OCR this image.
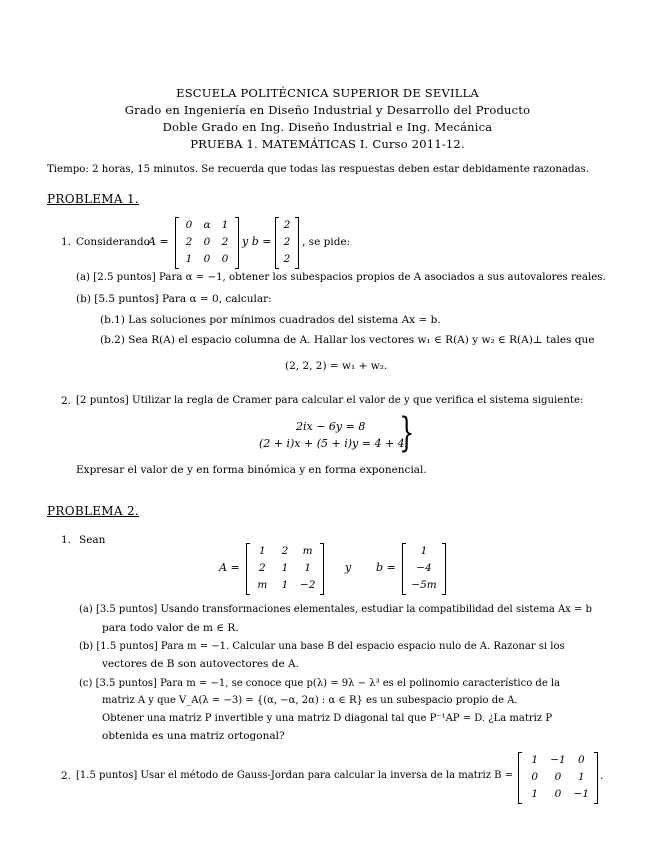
ESCUELA POLITÉCNICA SUPERIOR DE SEVILLA
Grado en Ingeniería en Diseño Industrial y Desarrollo del Producto
Doble Grado en Ing. Diseño Industrial e Ing. Mecánica
PRUEBA 1. MATEMÁTICAS I. Curso 2011-12.
Tiempo: 2 horas, 15 minutos. Se recuerda que todas las respuestas deben estar debidamente razonadas.
PROBLEMA 1.
1. Considerando
A =
0	α	1
2	0	2
1	0	0
y b =
2
2
2
, se pide:
(a) [2.5 puntos] Para α = −1, obtener los subespacios propios de A asociados a sus autovalores reales.
(b) [5.5 puntos] Para α = 0, calcular:
(b.1) Las soluciones por mínimos cuadrados del sistema Ax = b.
(b.2) Sea R(A) el espacio columna de A. Hallar los vectores w₁ ∈ R(A) y w₂ ∈ R(A)⊥ tales que
(2, 2, 2) = w₁ + w₂.
2. [2 puntos] Utilizar la regla de Cramer para calcular el valor de y que verifica el sistema siguiente:
2ix − 6y = 8
(2 + i)x + (5 + i)y = 4 + 4i
}
Expresar el valor de y en forma binómica y en forma exponencial.
PROBLEMA 2.
1. Sean
A =
1	2	m
2	1	1
m	1	−2
y b =
1
−4
−5m
(a) [3.5 puntos] Usando transformaciones elementales, estudiar la compatibilidad del sistema Ax = b
para todo valor de m ∈ R.
(b) [1.5 puntos] Para m = −1. Calcular una base B del espacio espacio nulo de A. Razonar si los
vectores de B son autovectores de A.
(c) [3.5 puntos] Para m = −1, se conoce que p(λ) = 9λ − λ³ es el polinomio característico de la
matriz A y que V_A(λ = −3) = {(α, −α, 2α) : α ∈ R} es un subespacio propio de A.
Obtener una matriz P invertible y una matriz D diagonal tal que P⁻¹AP = D. ¿La matriz P
obtenida es una matriz ortogonal?
2. [1.5 puntos] Usar el método de Gauss-Jordan para calcular la inversa de la matriz B =
1	−1	0
0	0	1
1	0	−1
.
